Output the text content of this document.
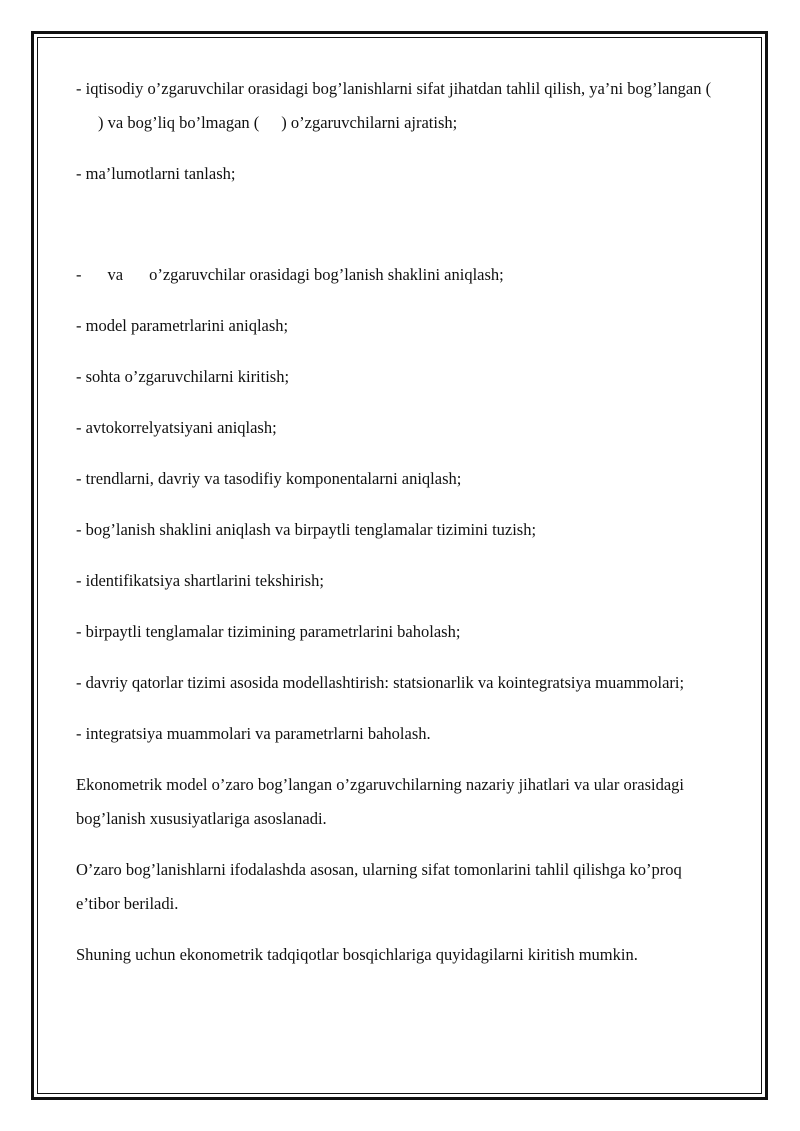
- iqtisodiy o’zgaruvchilar orasidagi bog’lanishlarni sifat jihatdan tahlil qilish, ya’ni bog’langan () va bog’liq bo’lmagan ( ) o’zgaruvchilarni ajratish;

- ma’lumotlarni tanlash;

- va o’zgaruvchilar orasidagi bog’lanish shaklini aniqlash;

- model parametrlarini aniqlash;

- sohta o’zgaruvchilarni kiritish;

- avtokorrelyatsiyani aniqlash;

- trendlarni, davriy va tasodifiy komponentalarni aniqlash;

- bog’lanish shaklini aniqlash va birpaytli tenglamalar tizimini tuzish;

- identifikatsiya shartlarini tekshirish;

- birpaytli tenglamalar tizimining parametrlarini baholash;

- davriy qatorlar tizimi asosida modellashtirish: statsionarlik va kointegratsiya muammolari;

- integratsiya muammolari va parametrlarni baholash.

Ekonometrik model o’zaro bog’langan o’zgaruvchilarning nazariy jihatlari va ular orasidagi bog’lanish xususiyatlariga asoslanadi.

O’zaro bog’lanishlarni ifodalashda asosan, ularning sifat tomonlarini tahlil qilishga ko’proq e’tibor beriladi.

Shuning uchun ekonometrik tadqiqotlar bosqichlariga quyidagilarni kiritish mumkin.
